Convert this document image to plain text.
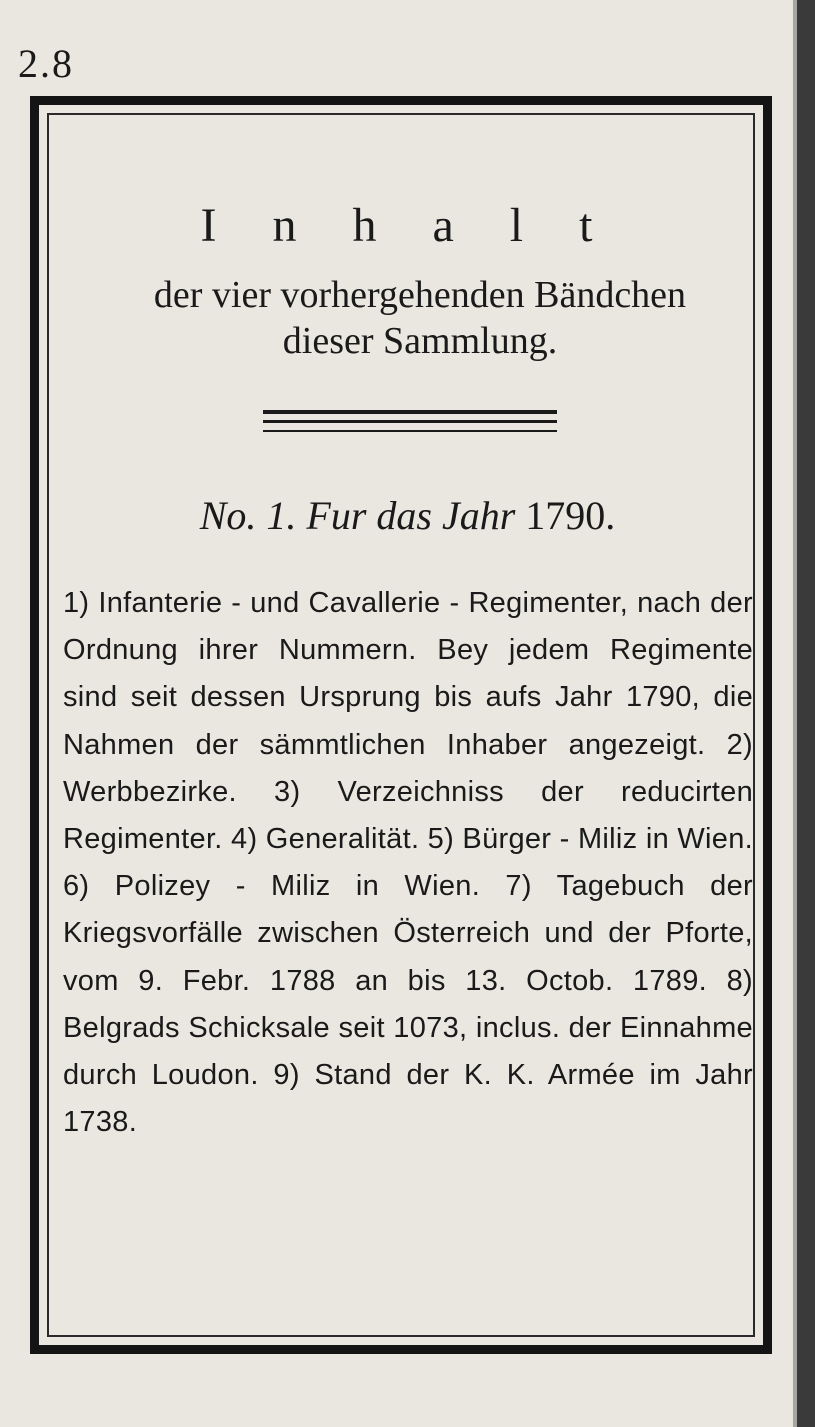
2.8
I n h a l t
der vier vorhergehenden Bändchen
dieser Sammlung.
No. 1. Fur das Jahr 1790.
1) Infanterie - und Cavallerie - Regimenter, nach der Ordnung ihrer Nummern. Bey jedem Regimente sind seit dessen Ursprung bis aufs Jahr 1790, die Nahmen der sämmtlichen Inhaber angezeigt. 2) Werbbezirke. 3) Verzeichniss der reducirten Regimenter. 4) Generalität. 5) Bürger - Miliz in Wien. 6) Polizey - Miliz in Wien. 7) Tagebuch der Kriegsvorfälle zwischen Österreich und der Pforte, vom 9. Febr. 1788 an bis 13. Octob. 1789. 8) Belgrads Schicksale seit 1073, inclus. der Einnahme durch Loudon. 9) Stand der K. K. Armée im Jahr 1738.
